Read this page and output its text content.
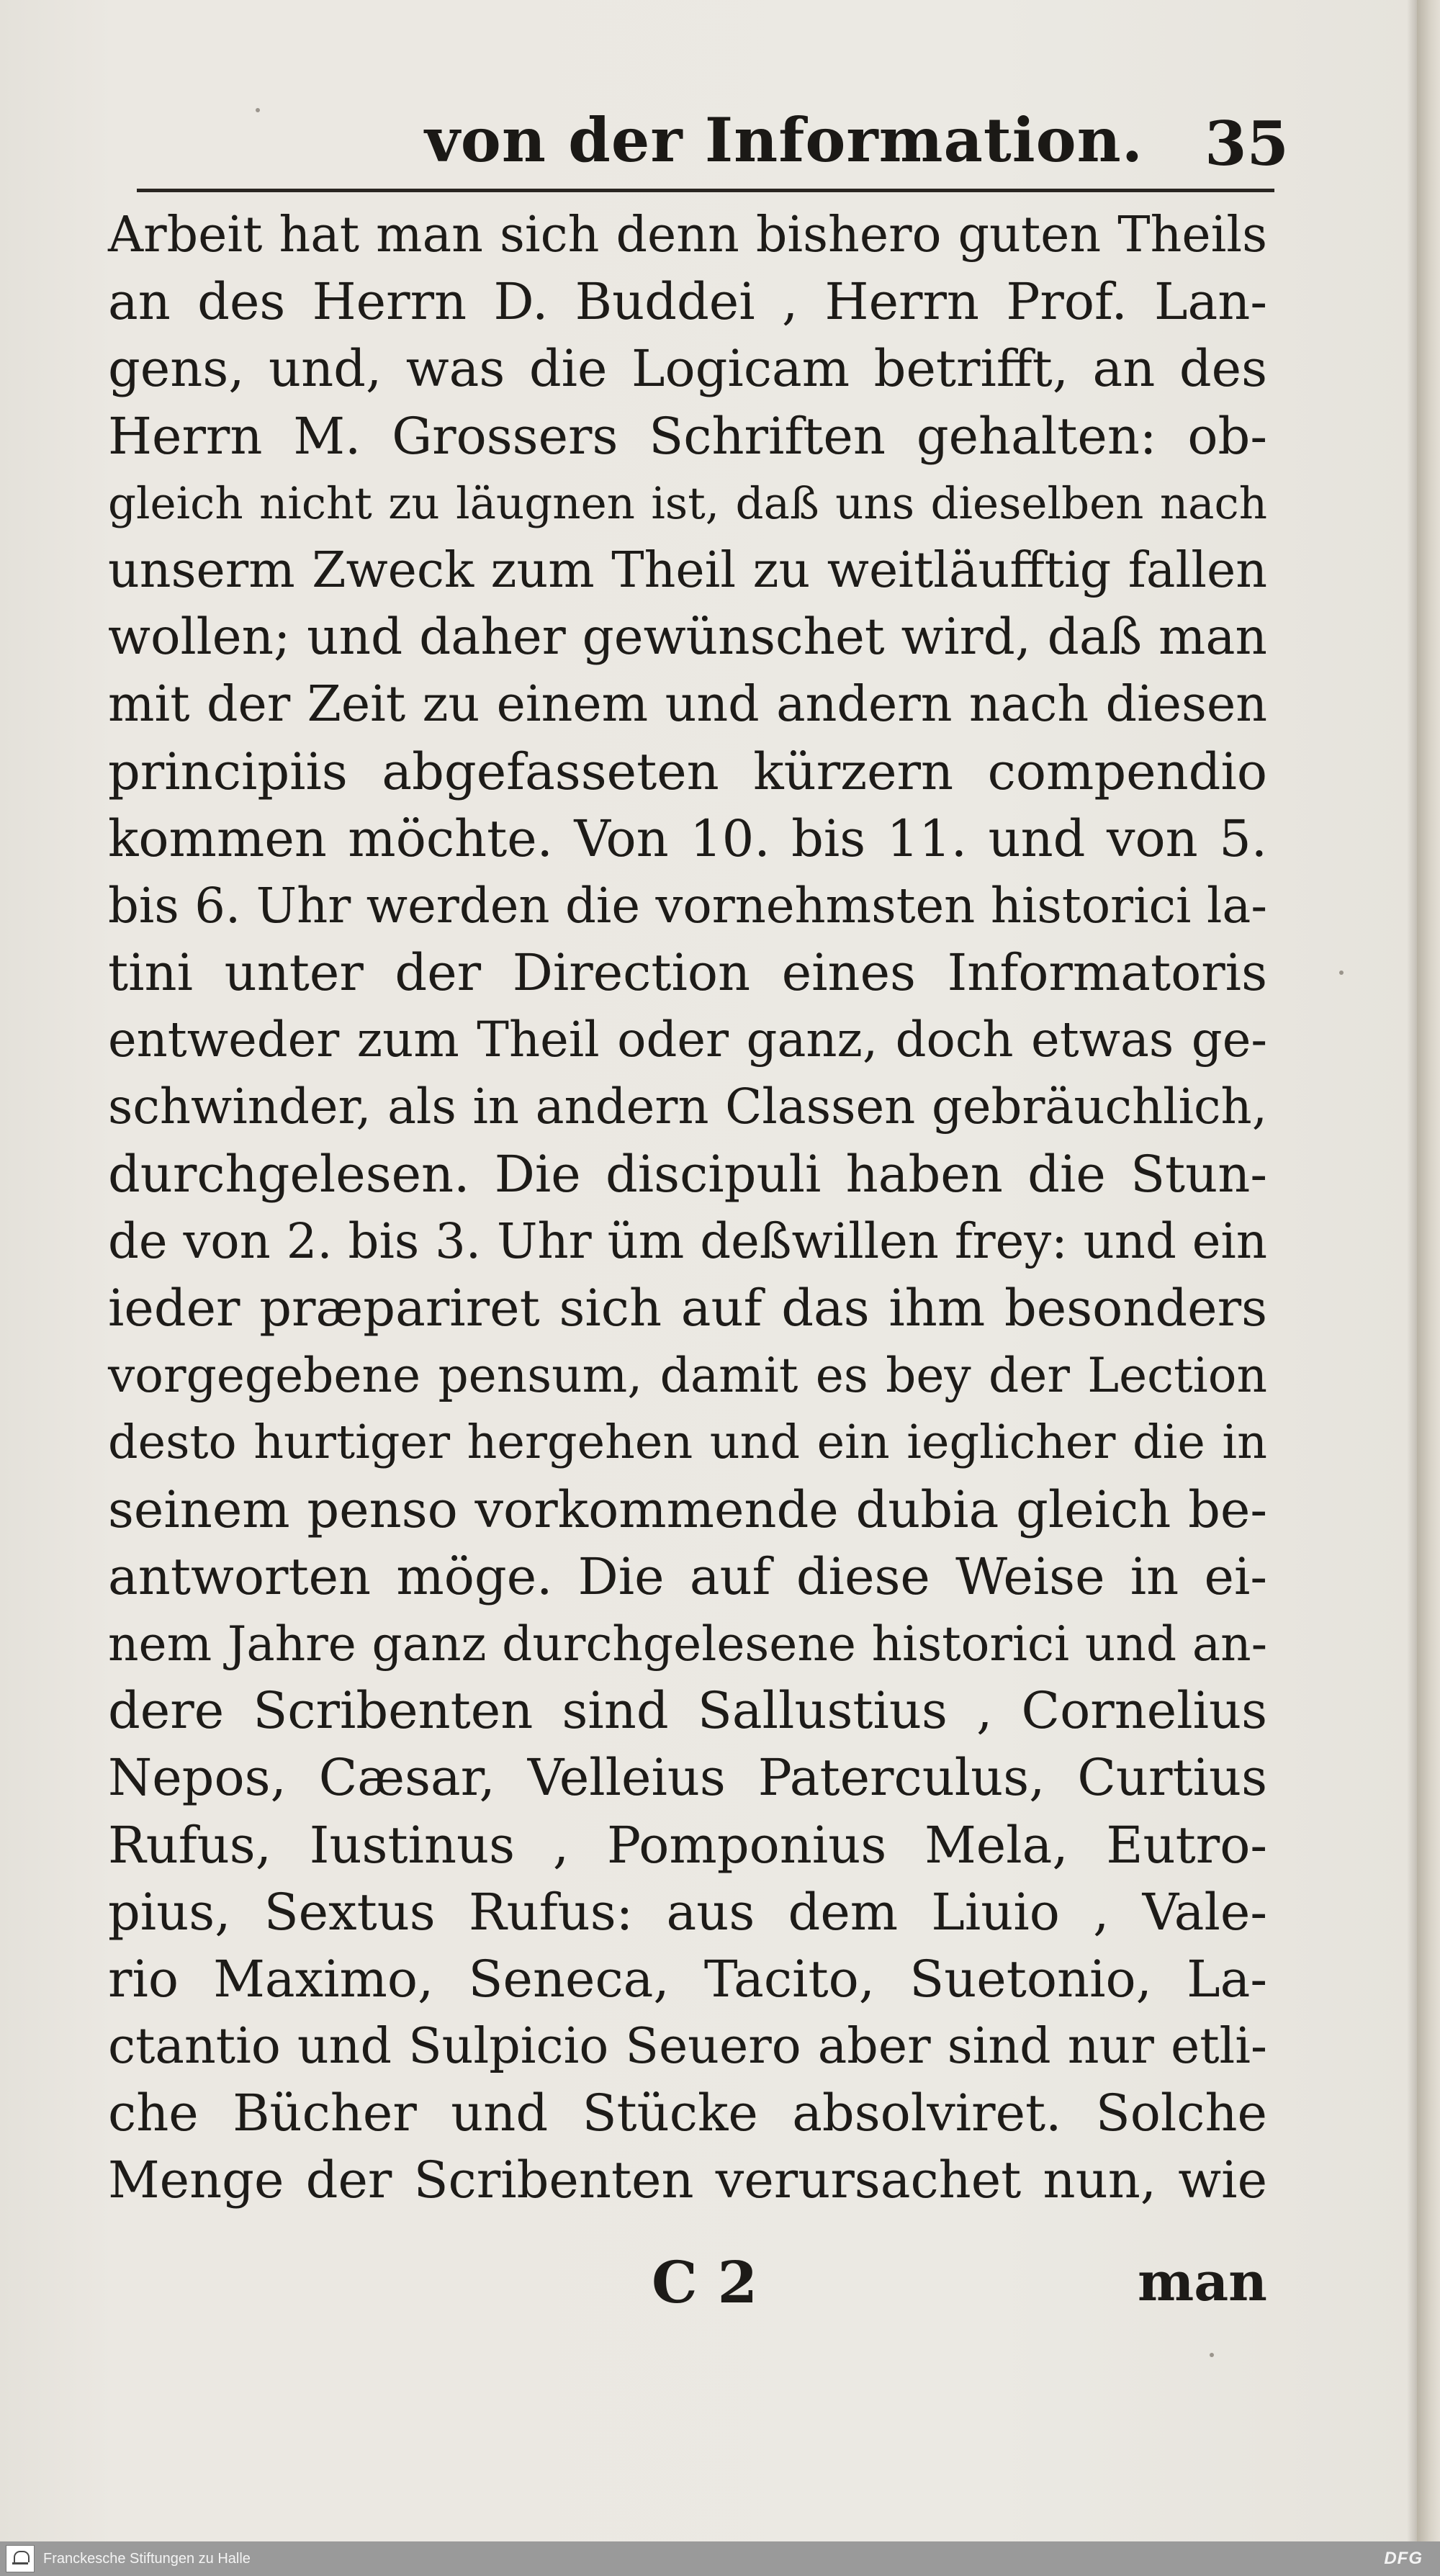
von der Information. 35
Arbeit hat man sich denn bishero guten Theils
an des Herrn D. Buddei , Herrn Prof. Lan-
gens, und, was die Logicam betrifft, an des
Herrn M. Grossers Schriften gehalten: ob-
gleich nicht zu läugnen ist, daß uns dieselben nach
unserm Zweck zum Theil zu weitläufftig fallen
wollen; und daher gewünschet wird, daß man
mit der Zeit zu einem und andern nach diesen
principiis abgefasseten kürzern compendio
kommen möchte. Von 10. bis 11. und von 5.
bis 6. Uhr werden die vornehmsten historici la-
tini unter der Direction eines Informatoris
entweder zum Theil oder ganz, doch etwas ge-
schwinder, als in andern Classen gebräuchlich,
durchgelesen. Die discipuli haben die Stun-
de von 2. bis 3. Uhr üm deßwillen frey: und ein
ieder præpariret sich auf das ihm besonders
vorgegebene pensum, damit es bey der Lection
desto hurtiger hergehen und ein ieglicher die in
seinem penso vorkommende dubia gleich be-
antworten möge. Die auf diese Weise in ei-
nem Jahre ganz durchgelesene historici und an-
dere Scribenten sind Sallustius , Cornelius
Nepos, Cæsar, Velleius Paterculus, Curtius
Rufus, Iustinus , Pomponius Mela, Eutro-
pius, Sextus Rufus: aus dem Liuio , Vale-
rio Maximo, Seneca, Tacito, Suetonio, La-
ctantio und Sulpicio Seuero aber sind nur etli-
che Bücher und Stücke absolviret. Solche
Menge der Scribenten verursachet nun, wie
C 2	man
Franckesche Stiftungen zu Halle	DFG
